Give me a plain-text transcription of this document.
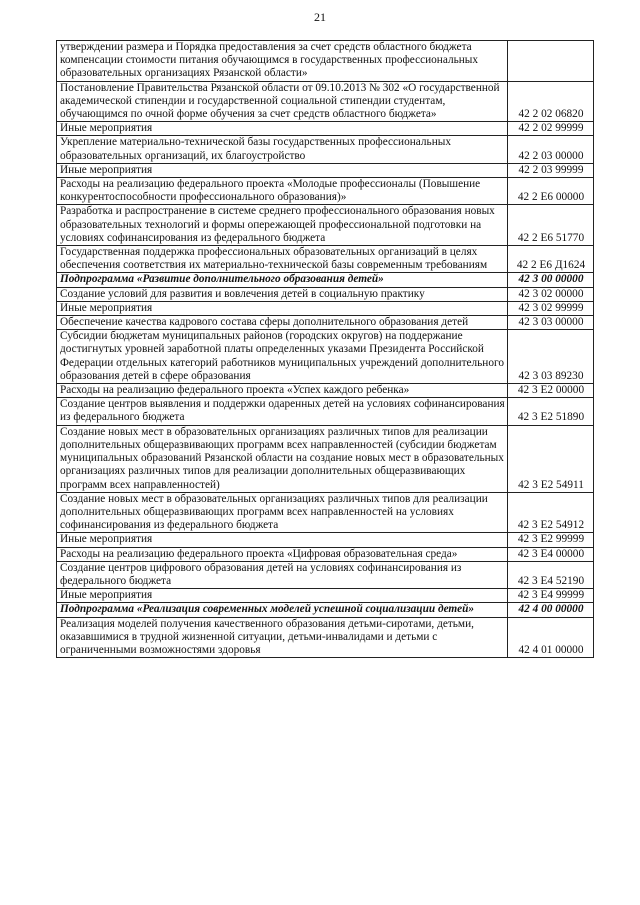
21
утверждении размера и Порядка предоставления за счет средств областного бюджета компенсации стоимости питания обучающимся в государственных профессиональных образовательных организациях Рязанской области»	
Постановление Правительства Рязанской области от 09.10.2013 № 302 «О государственной академической стипендии и государственной социальной стипендии студентам, обучающимся по очной форме обучения за счет средств областного бюджета»	42 2 02 06820
Иные мероприятия	42 2 02 99999
Укрепление материально-технической базы государственных профессиональных образовательных организаций, их благоустройство	42 2 03 00000
Иные мероприятия	42 2 03 99999
Расходы на реализацию федерального проекта «Молодые профессионалы (Повышение конкурентоспособности профессионального образования)»	42 2 Е6 00000
Разработка и распространение в системе среднего профессионального образования новых образовательных технологий и формы опережающей профессиональной подготовки на условиях софинансирования из федерального бюджета	42 2 Е6 51770
Государственная поддержка профессиональных образовательных организаций в целях обеспечения соответствия их материально-технической базы современным требованиям	42 2 Е6 Д1624
Подпрограмма «Развитие дополнительного образования детей»	42 3 00 00000
Создание условий для развития и вовлечения детей в социальную практику	42 3 02 00000
Иные мероприятия	42 3 02 99999
Обеспечение качества кадрового состава сферы дополнительного образования детей	42 3 03 00000
Субсидии бюджетам муниципальных районов (городских округов) на поддержание достигнутых уровней заработной платы определенных указами Президента Российской Федерации отдельных категорий работников муниципальных учреждений дополнительного образования детей в сфере образования	42 3 03 89230
Расходы на реализацию федерального проекта «Успех каждого ребенка»	42 3 Е2 00000
Создание центров выявления и поддержки одаренных детей на условиях софинансирования из федерального бюджета	42 3 Е2 51890
Создание новых мест в образовательных организациях различных типов для реализации дополнительных общеразвивающих программ всех направленностей (субсидии бюджетам муниципальных образований Рязанской области на создание новых мест в образовательных организациях различных типов для реализации дополнительных общеразвивающих программ всех направленностей)	42 3 Е2 54911
Создание новых мест в образовательных организациях различных типов для реализации дополнительных общеразвивающих программ всех направленностей на условиях софинансирования из федерального бюджета	42 3 Е2 54912
Иные мероприятия	42 3 Е2 99999
Расходы на реализацию федерального проекта «Цифровая образовательная среда»	42 3 Е4 00000
Создание центров цифрового образования детей на условиях софинансирования из федерального бюджета	42 3 Е4 52190
Иные мероприятия	42 3 Е4 99999
Подпрограмма «Реализация современных моделей успешной социализации детей»	42 4 00 00000
Реализация моделей получения качественного образования детьми-сиротами, детьми, оказавшимися в трудной жизненной ситуации, детьми-инвалидами и детьми с ограниченными возможностями здоровья	42 4 01 00000
